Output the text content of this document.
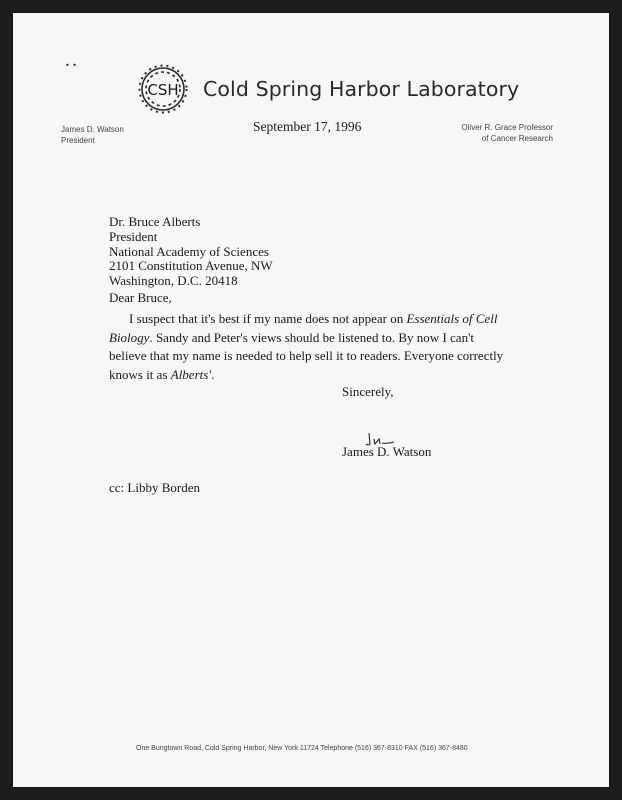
• •
CSH Cold Spring Harbor Laboratory
James D. Watson
President
September 17, 1996	Oliver R. Grace Professor
of Cancer Research
Dr. Bruce Alberts
President
National Academy of Sciences
2101 Constitution Avenue, NW
Washington, D.C. 20418
Dear Bruce,
I suspect that it's best if my name does not appear on Essentials of Cell Biology. Sandy and Peter's views should be listened to. By now I can't believe that my name is needed to help sell it to readers. Everyone correctly knows it as Alberts'.
Sincerely,
James D. Watson
cc: Libby Borden
One Bungtown Road, Cold Spring Harbor, New York 11724 Telephone (516) 367-8310 FAX (516) 367-8480
